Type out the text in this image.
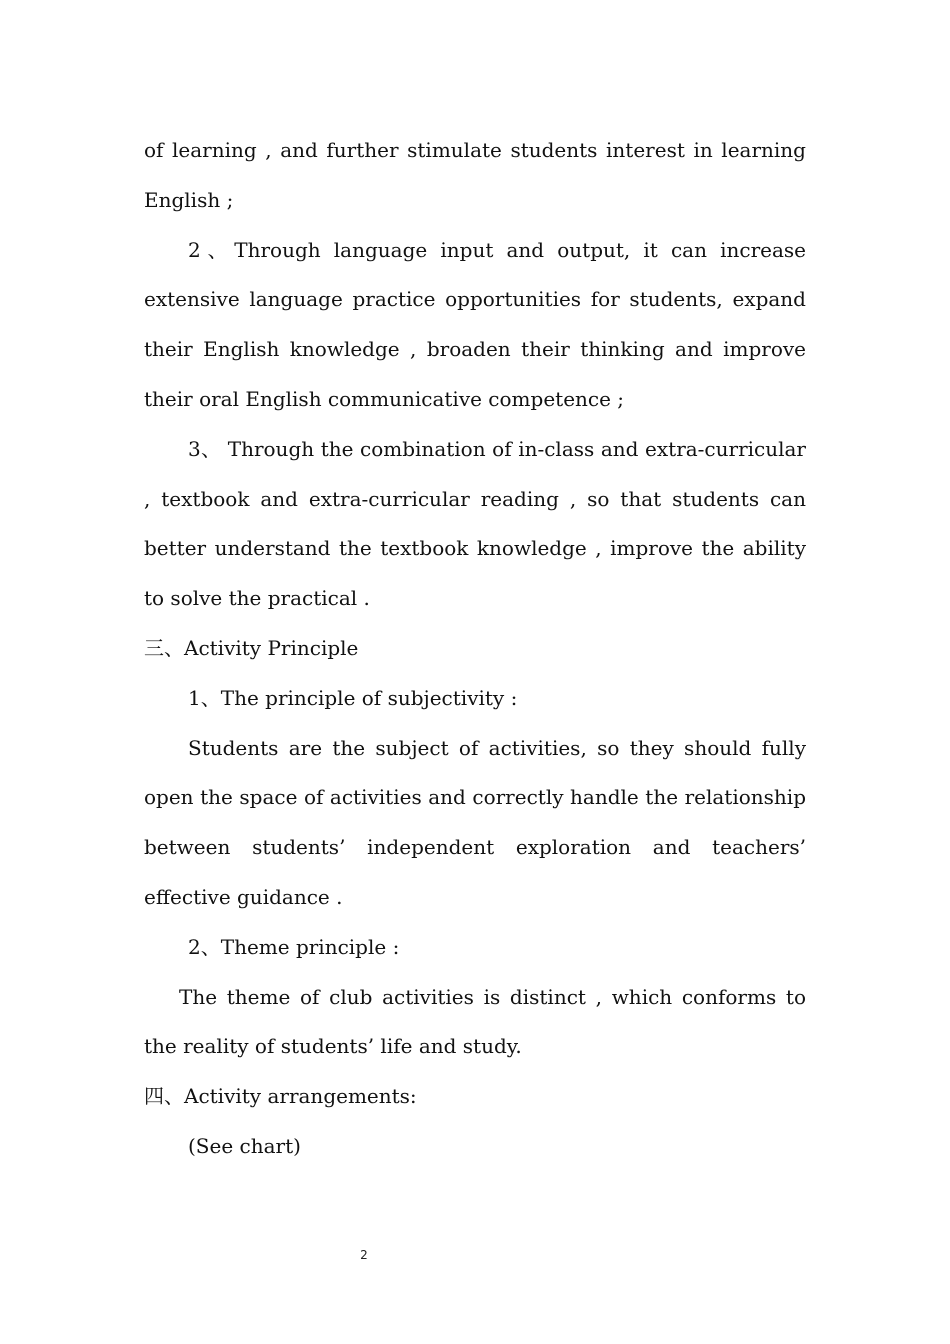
of learning , and further stimulate students interest in learning English ;

2、Through language input and output, it can increase extensive language practice opportunities for students, expand their English knowledge , broaden their thinking and improve their oral English communicative competence ;

3、 Through the combination of in-class and extra-curricular , textbook and extra-curricular reading , so that students can better understand the textbook knowledge , improve the ability to solve the practical .

三、Activity Principle

1、The principle of subjectivity :

Students are the subject of activities, so they should fully open the space of activities and correctly handle the relationship between students’ independent exploration and teachers’ effective guidance .

2、Theme principle :

The theme of club activities is distinct , which conforms to the reality of students’ life and study.

四、Activity arrangements:

(See chart)

2
